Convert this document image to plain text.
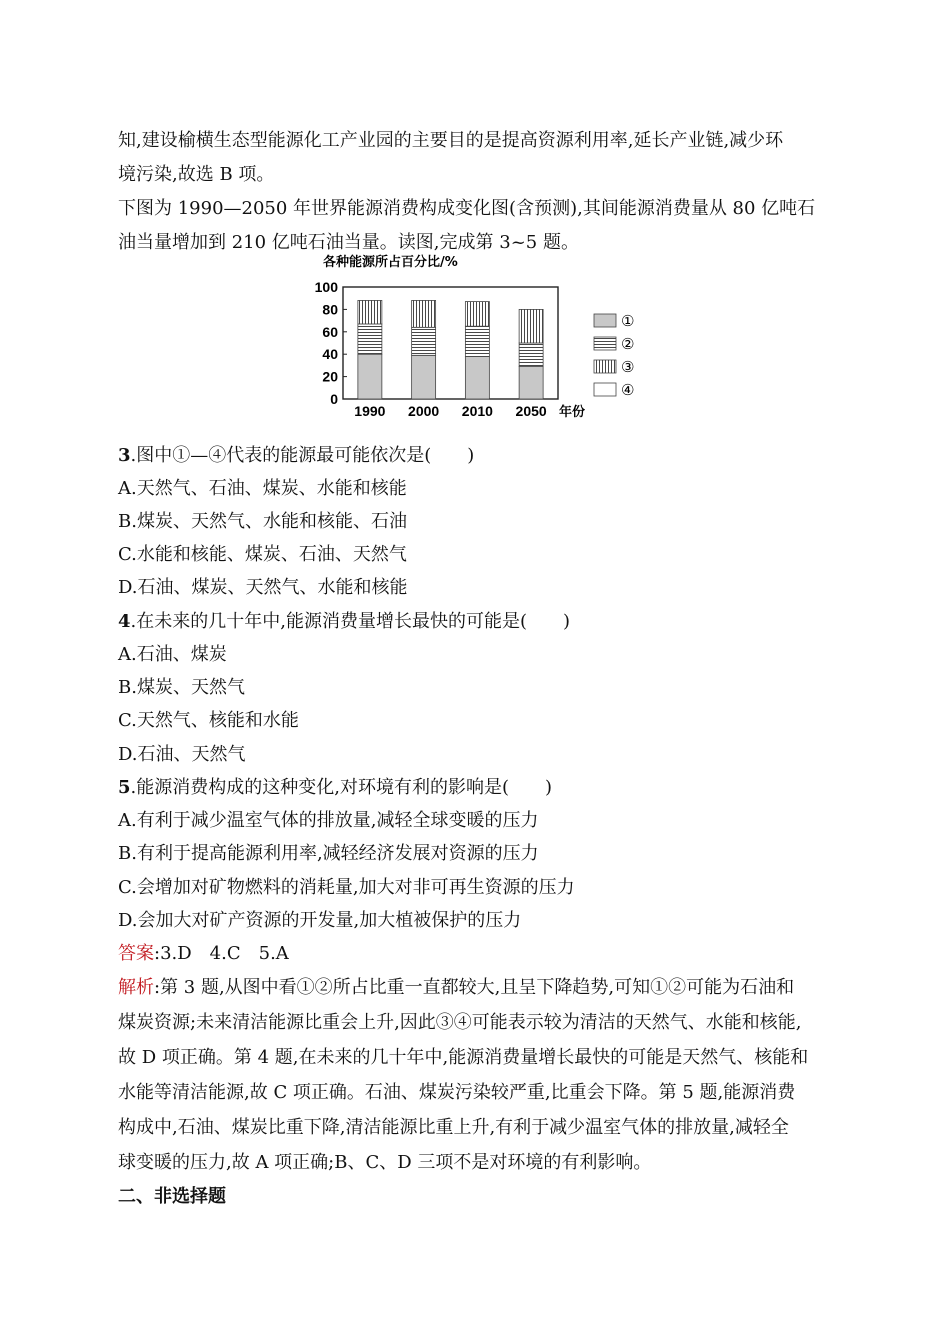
知,建设榆横生态型能源化工产业园的主要目的是提高资源利用率,延长产业链,减少环
境污染,故选 B 项。
下图为 1990—2050 年世界能源消费构成变化图(含预测),其间能源消费量从 80 亿吨石
油当量增加到 210 亿吨石油当量。读图,完成第 3~5 题。
各种能源所占百分比/%
0
20
40
60
80
100
1990 2000 2010 2050 年份
①
②
③
④
3.图中①—④代表的能源最可能依次是(　　)
A.天然气、石油、煤炭、水能和核能
B.煤炭、天然气、水能和核能、石油
C.水能和核能、煤炭、石油、天然气
D.石油、煤炭、天然气、水能和核能
4.在未来的几十年中,能源消费量增长最快的可能是(　　)
A.石油、煤炭
B.煤炭、天然气
C.天然气、核能和水能
D.石油、天然气
5.能源消费构成的这种变化,对环境有利的影响是(　　)
A.有利于减少温室气体的排放量,减轻全球变暖的压力
B.有利于提高能源利用率,减轻经济发展对资源的压力
C.会增加对矿物燃料的消耗量,加大对非可再生资源的压力
D.会加大对矿产资源的开发量,加大植被保护的压力
答案:3.D　4.C　5.A
解析:第 3 题,从图中看①②所占比重一直都较大,且呈下降趋势,可知①②可能为石油和
煤炭资源;未来清洁能源比重会上升,因此③④可能表示较为清洁的天然气、水能和核能,
故 D 项正确。第 4 题,在未来的几十年中,能源消费量增长最快的可能是天然气、核能和
水能等清洁能源,故 C 项正确。石油、煤炭污染较严重,比重会下降。第 5 题,能源消费
构成中,石油、煤炭比重下降,清洁能源比重上升,有利于减少温室气体的排放量,减轻全
球变暖的压力,故 A 项正确;B、C、D 三项不是对环境的有利影响。
二、非选择题
